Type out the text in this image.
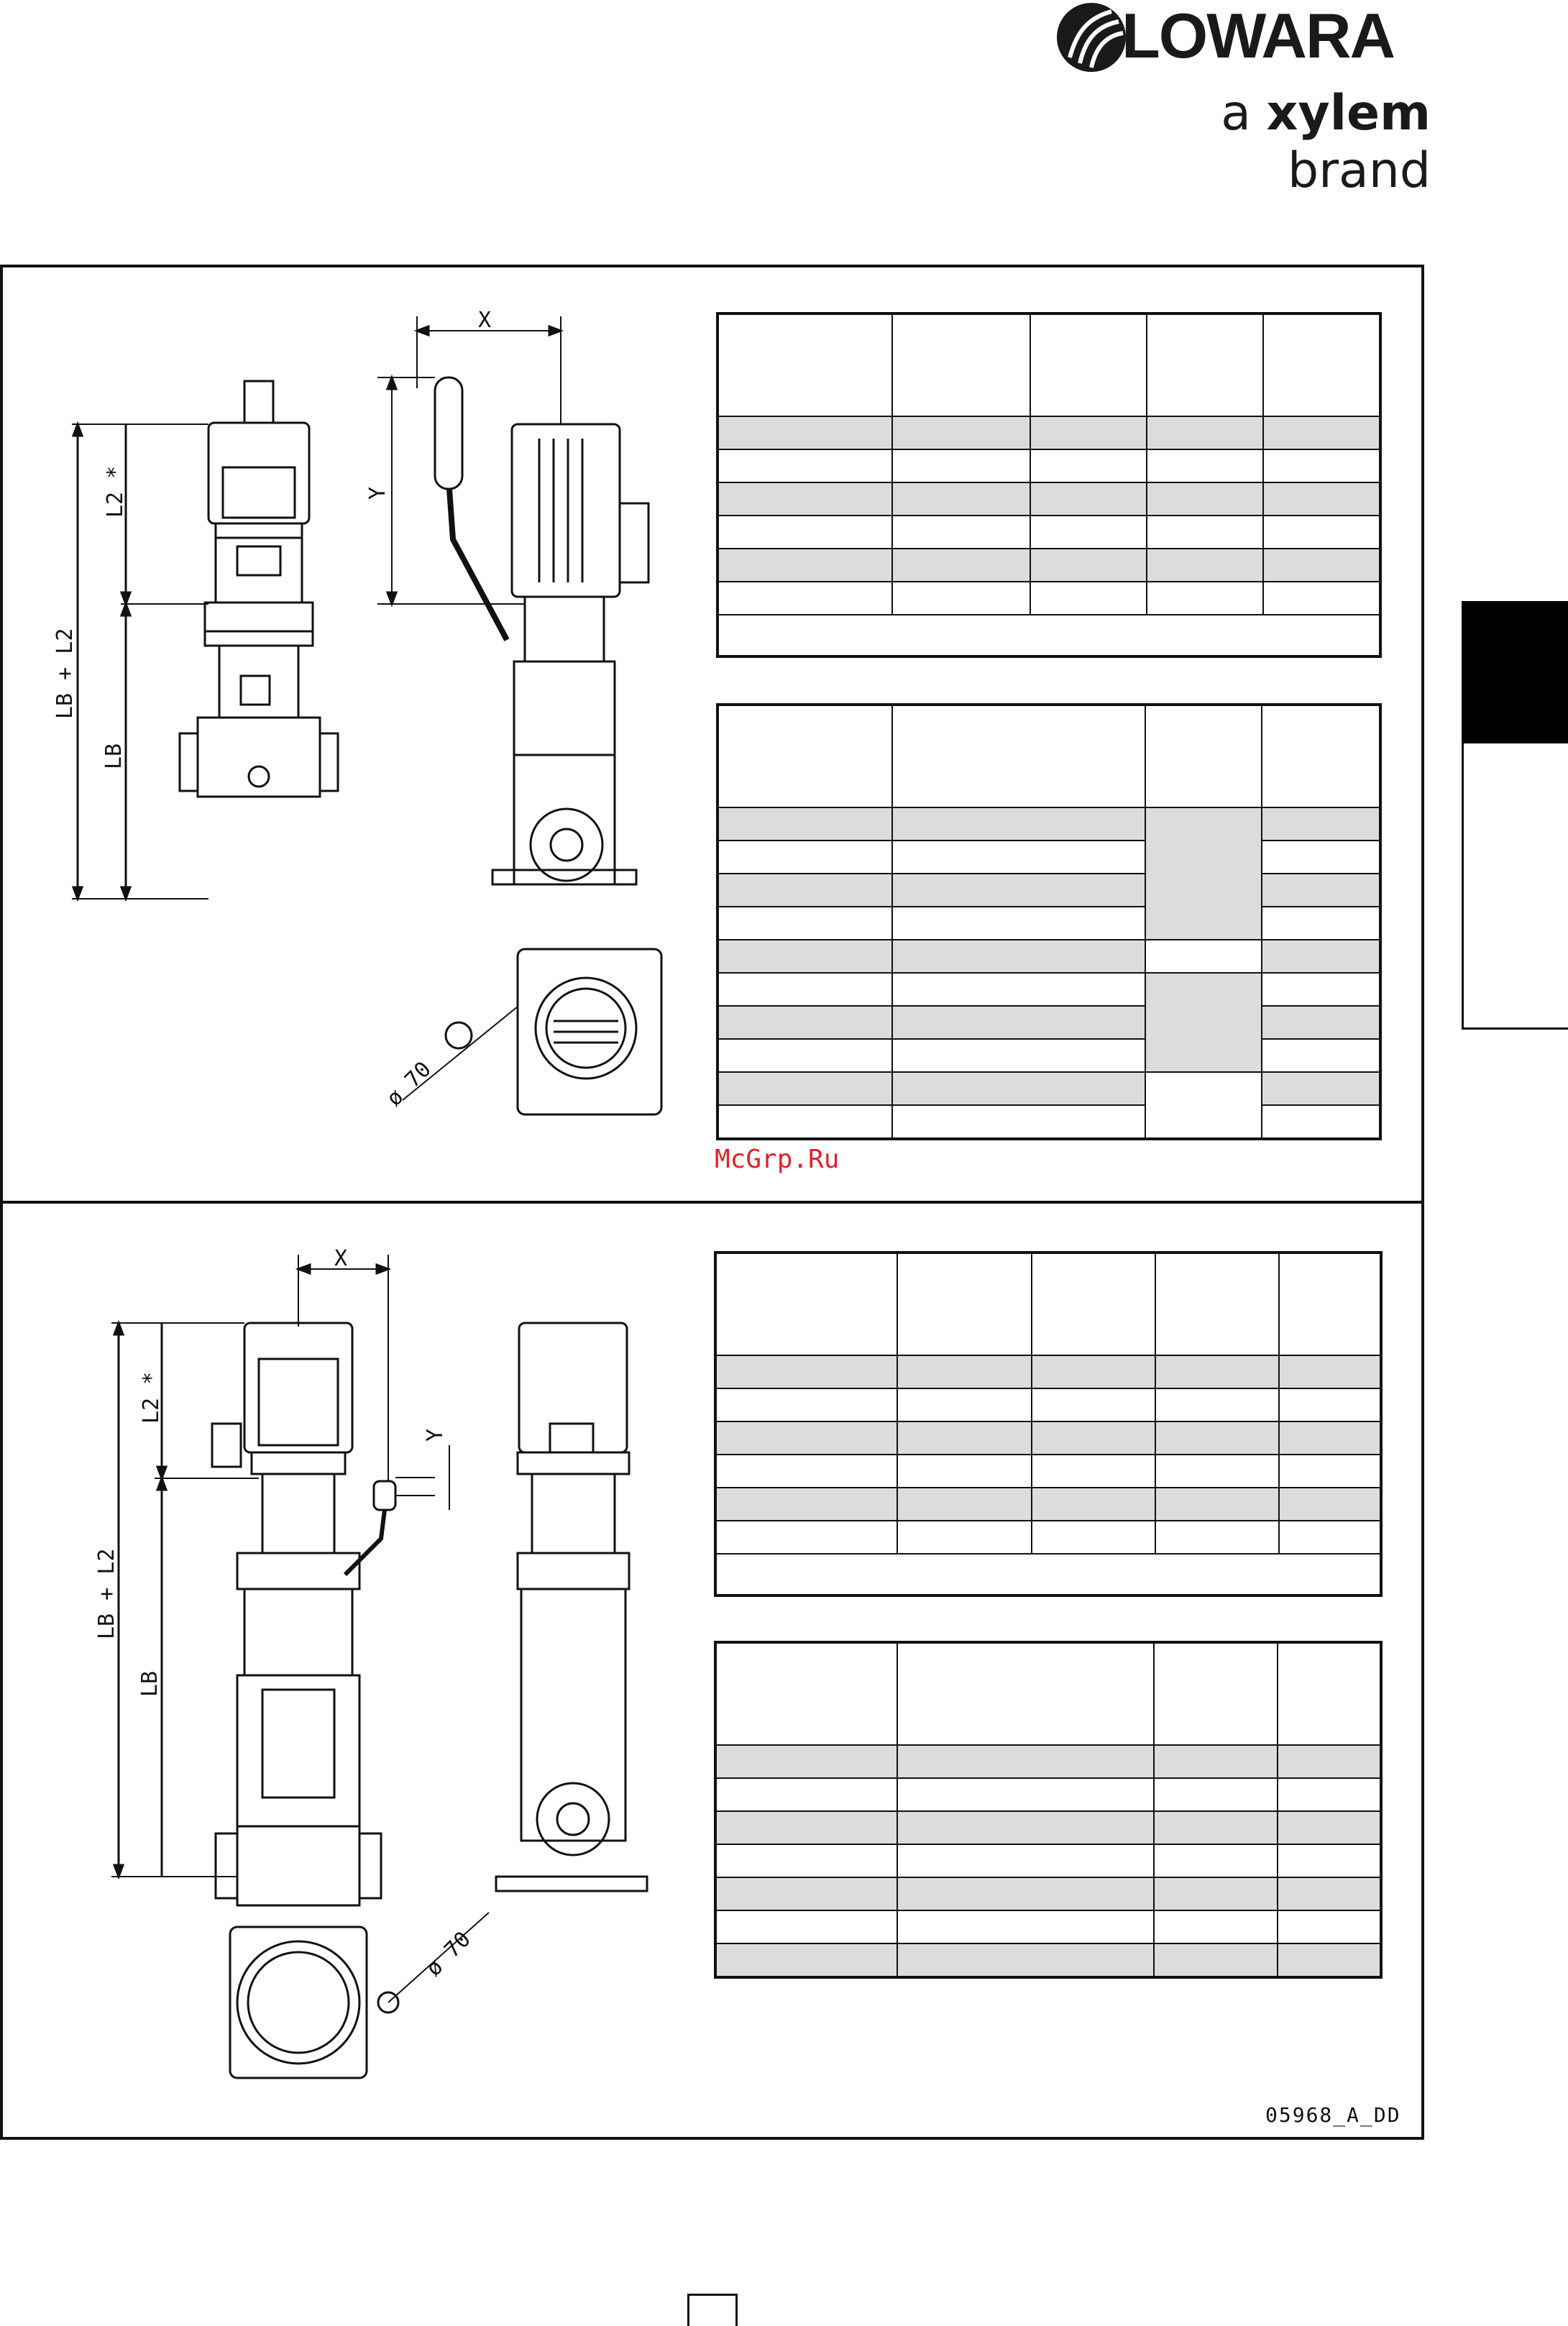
LOWARA
a xylem brand
X
Y
L2 *
LB + L2
LB
ø 70

McGrp.Ru
X
Y
L2 *
LB + L2
LB
ø 70

05968_A_DD
